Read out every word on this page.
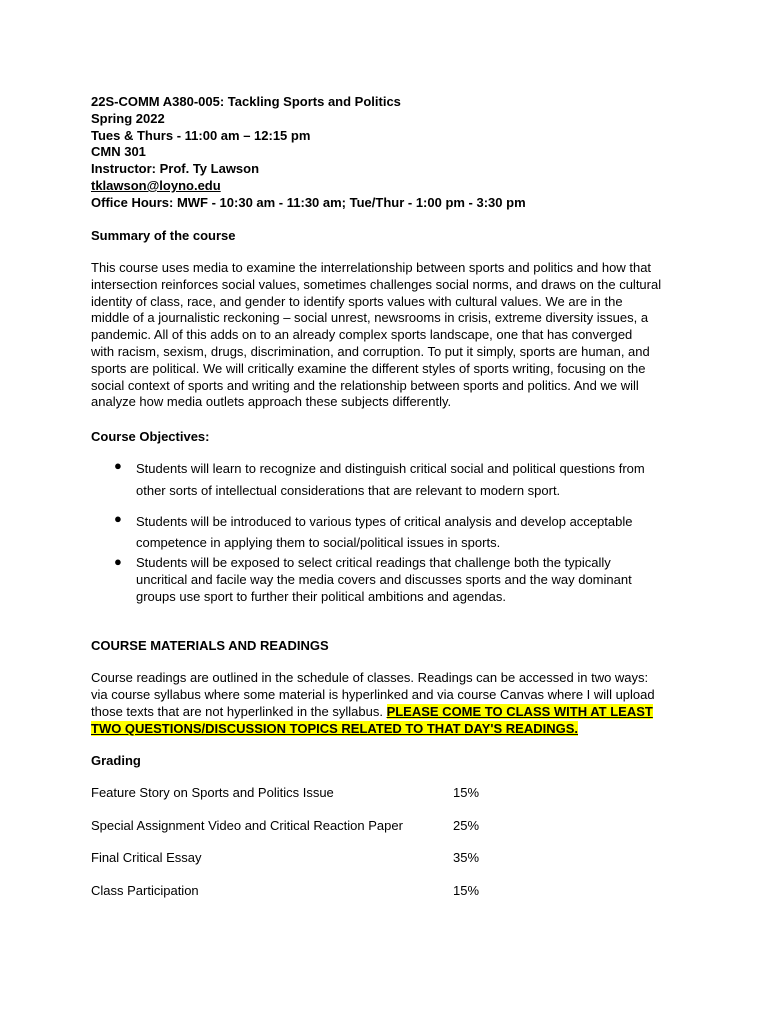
22S-COMM A380-005: Tackling Sports and Politics
Spring 2022
Tues & Thurs - 11:00 am – 12:15 pm
CMN 301
Instructor: Prof. Ty Lawson
tklawson@loyno.edu
Office Hours: MWF - 10:30 am - 11:30 am; Tue/Thur - 1:00 pm - 3:30 pm
Summary of the course
This course uses media to examine the interrelationship between sports and politics and how that
intersection reinforces social values, sometimes challenges social norms, and draws on the cultural
identity of class, race, and gender to identify sports values with cultural values. We are in the
middle of a journalistic reckoning – social unrest, newsrooms in crisis, extreme diversity issues, a
pandemic. All of this adds on to an already complex sports landscape, one that has converged
with racism, sexism, drugs, discrimination, and corruption. To put it simply, sports are human, and
sports are political. We will critically examine the different styles of sports writing, focusing on the
social context of sports and writing and the relationship between sports and politics. And we will
analyze how media outlets approach these subjects differently.
Course Objectives:
● Students will learn to recognize and distinguish critical social and political questions from
other sorts of intellectual considerations that are relevant to modern sport.
● Students will be introduced to various types of critical analysis and develop acceptable
competence in applying them to social/political issues in sports.
● Students will be exposed to select critical readings that challenge both the typically
uncritical and facile way the media covers and discusses sports and the way dominant
groups use sport to further their political ambitions and agendas.
COURSE MATERIALS AND READINGS
Course readings are outlined in the schedule of classes. Readings can be accessed in two ways:
via course syllabus where some material is hyperlinked and via course Canvas where I will upload
those texts that are not hyperlinked in the syllabus. PLEASE COME TO CLASS WITH AT LEAST
TWO QUESTIONS/DISCUSSION TOPICS RELATED TO THAT DAY'S READINGS.
Grading
Feature Story on Sports and Politics Issue	15%
Special Assignment Video and Critical Reaction Paper	25%
Final Critical Essay	35%
Class Participation	15%
